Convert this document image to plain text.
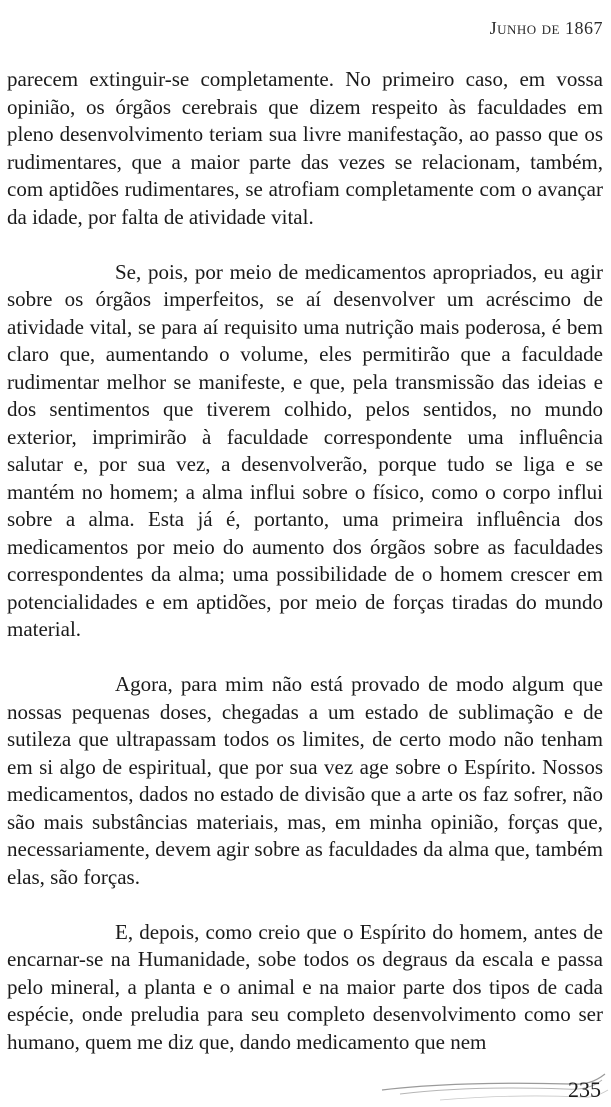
Junho de 1867

parecem extinguir-se completamente. No primeiro caso, em vossa opinião, os órgãos cerebrais que dizem respeito às faculdades em pleno desenvolvimento teriam sua livre manifestação, ao passo que os rudimentares, que a maior parte das vezes se relacionam, também, com aptidões rudimentares, se atrofiam completamente com o avançar da idade, por falta de atividade vital.

Se, pois, por meio de medicamentos apropriados, eu agir sobre os órgãos imperfeitos, se aí desenvolver um acréscimo de atividade vital, se para aí requisito uma nutrição mais poderosa, é bem claro que, aumentando o volume, eles permitirão que a faculdade rudimentar melhor se manifeste, e que, pela transmissão das ideias e dos sentimentos que tiverem colhido, pelos sentidos, no mundo exterior, imprimirão à faculdade correspondente uma influência salutar e, por sua vez, a desenvolverão, porque tudo se liga e se mantém no homem; a alma influi sobre o físico, como o corpo influi sobre a alma. Esta já é, portanto, uma primeira influência dos medicamentos por meio do aumento dos órgãos sobre as faculdades correspondentes da alma; uma possibilidade de o homem crescer em potencialidades e em aptidões, por meio de forças tiradas do mundo material.

Agora, para mim não está provado de modo algum que nossas pequenas doses, chegadas a um estado de sublimação e de sutileza que ultrapassam todos os limites, de certo modo não tenham em si algo de espiritual, que por sua vez age sobre o Espírito. Nossos medicamentos, dados no estado de divisão que a arte os faz sofrer, não são mais substâncias materiais, mas, em minha opinião, forças que, necessariamente, devem agir sobre as faculdades da alma que, também elas, são forças.

E, depois, como creio que o Espírito do homem, antes de encarnar-se na Humanidade, sobe todos os degraus da escala e passa pelo mineral, a planta e o animal e na maior parte dos tipos de cada espécie, onde preludia para seu completo desenvolvimento como ser humano, quem me diz que, dando medicamento que nem

235
